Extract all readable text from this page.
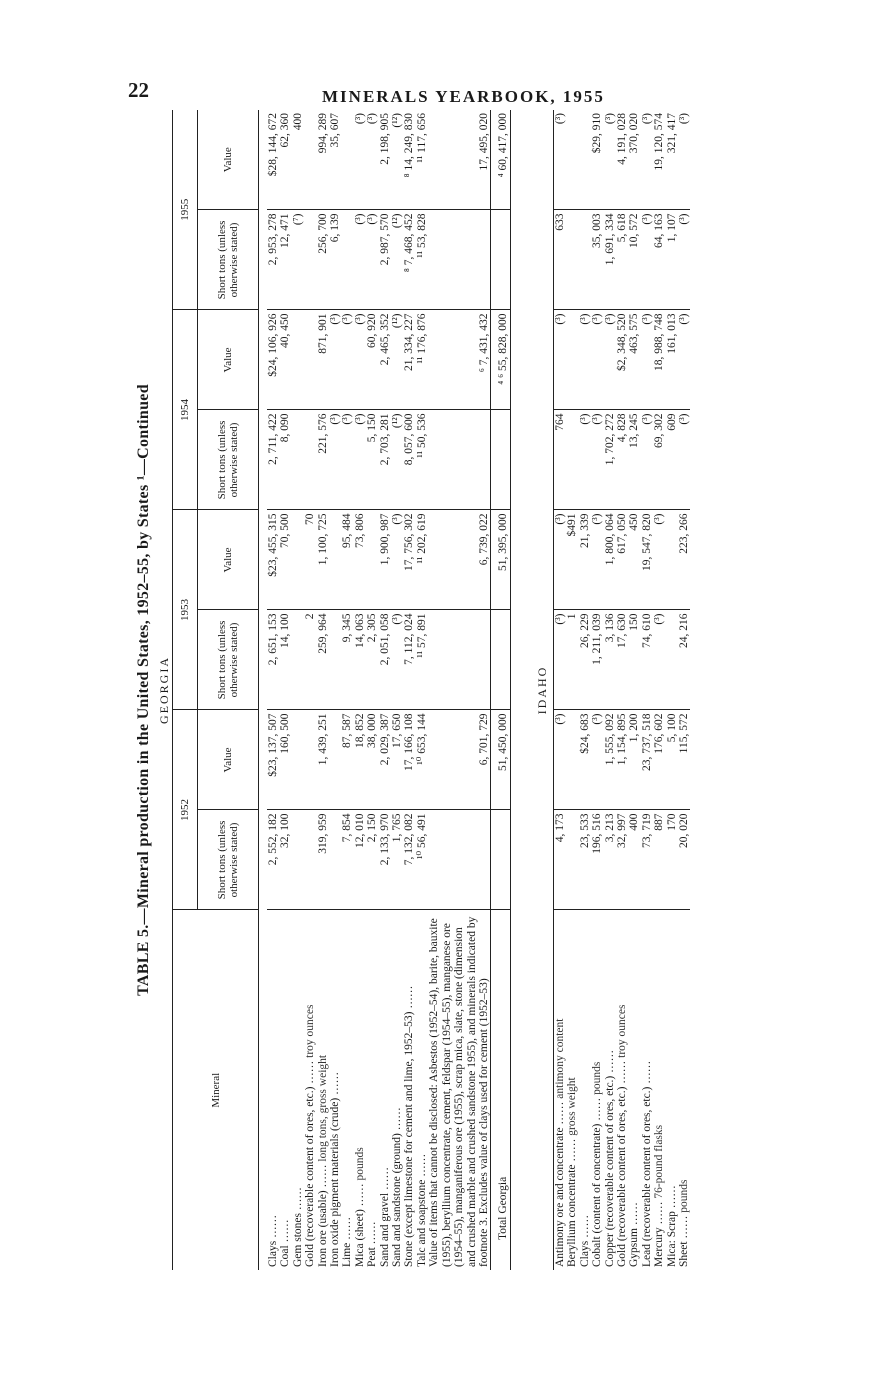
22	MINERALS YEARBOOK, 1955
TABLE 5.—Mineral production in the United States, 1952–55, by States ¹—Continued
Mineral	1952		1953		1954		1955	
	Short tons (unless otherwise stated)	Value	Short tons (unless otherwise stated)	Value	Short tons (unless otherwise stated)	Value	Short tons (unless otherwise stated)	Value
GEORGIA
Clays ……	2, 552, 182	$23, 137, 507	2, 651, 153	$23, 455, 315	2, 711, 422	$24, 106, 926	2, 953, 278	$28, 144, 672
Coal ……	32, 100	160, 500	14, 100	70, 500	8, 090	40, 450	12, 471	62, 360
Gem stones ……							(⁷)	400
Gold (recoverable content of ores, etc.) …… troy ounces			2	70				
Iron ore (usable) …… long tons, gross weight	319, 959	1, 439, 251	259, 964	1, 100, 725	221, 576	871, 901	256, 700	994, 289
Iron oxide pigment materials (crude) ……					(³)	(³)	6, 139	35, 607
Lime ……	7, 854	87, 587	9, 345	95, 484	(³)	(³)		
Mica (sheet) …… pounds	12, 010	18, 852	14, 063	73, 806	(³)	(³)	(³)	(³)
Peat ……	2, 150	38, 000	2, 305		5, 150	60, 920	(³)	(³)
Sand and gravel ……	2, 133, 970	2, 029, 387	2, 051, 058	1, 900, 987	2, 703, 281	2, 465, 352	2, 987, 570	2, 198, 905
Sand and sandstone (ground) ……	1, 765	17, 650	(³)	(³)	(¹²)	(¹²)	(¹²)	(¹²)
Stone (except limestone for cement and lime, 1952–53) ……	7, 132, 082	17, 166, 108	7, 112, 024	17, 756, 302	8, 057, 600	21, 334, 227	⁸ 7, 468, 452	⁸ 14, 249, 830
Talc and soapstone ……	¹⁰ 56, 491	¹⁰ 653, 144	¹¹ 57, 891	¹¹ 202, 619	¹¹ 50, 536	¹¹ 176, 876	¹¹ 53, 828	¹¹ 117, 656
Value of items that cannot be disclosed: Asbestos (1952–54), barite, bauxite (1955), beryllium concentrate, cement, feldspar (1954–55), manganese ore (1954–55), manganiferous ore (1955), scrap mica, slate, stone (dimension and crushed marble and crushed sandstone 1955), and minerals indicated by footnote 3. Excludes value of clays used for cement (1952–53)		6, 701, 729		6, 739, 022		⁶ 7, 431, 432		17, 495, 020
Total Georgia		51, 450, 000		51, 395, 000		⁴ ⁶ 55, 828, 000		⁴ 60, 417, 000
IDAHO
Antimony ore and concentrate …… antimony content	4, 173	(³)	(³)	(³)	764	(³)	633	(³)
Beryllium concentrate …… gross weight			1	$491				
Clays ……	23, 533	$24, 683	26, 229	21, 339	(³)	(³)		
Cobalt (content of concentrate) …… pounds	196, 516	(³)	1, 211, 039	(³)	(³)	(³)	35, 003	$29, 910
Copper (recoverable content of ores, etc.) ……	3, 213	1, 555, 092	3, 136	1, 800, 064	1, 702, 272	(³)	1, 691, 334	(³)
Gold (recoverable content of ores, etc.) …… troy ounces	32, 997	1, 154, 895	17, 630	617, 050	4, 828	$2, 348, 520	5, 618	4, 191, 028
Gypsum ……	400	1, 200	150	450	13, 245	463, 575	10, 572	370, 020
Lead (recoverable content of ores, etc.) ……	73, 719	23, 737, 518	74, 610	19, 547, 820	(³)	(³)	(³)	(³)
Mercury …… 76-pound flasks	887	176, 602	(³)	(³)	69, 302	18, 988, 748	64, 163	19, 120, 574
Mica: Scrap ……	170	5, 100			609	161, 013	1, 107	321, 417
Sheet …… pounds	20, 020	115, 572	24, 216	223, 266	(³)	(³)	(³)	(³)
